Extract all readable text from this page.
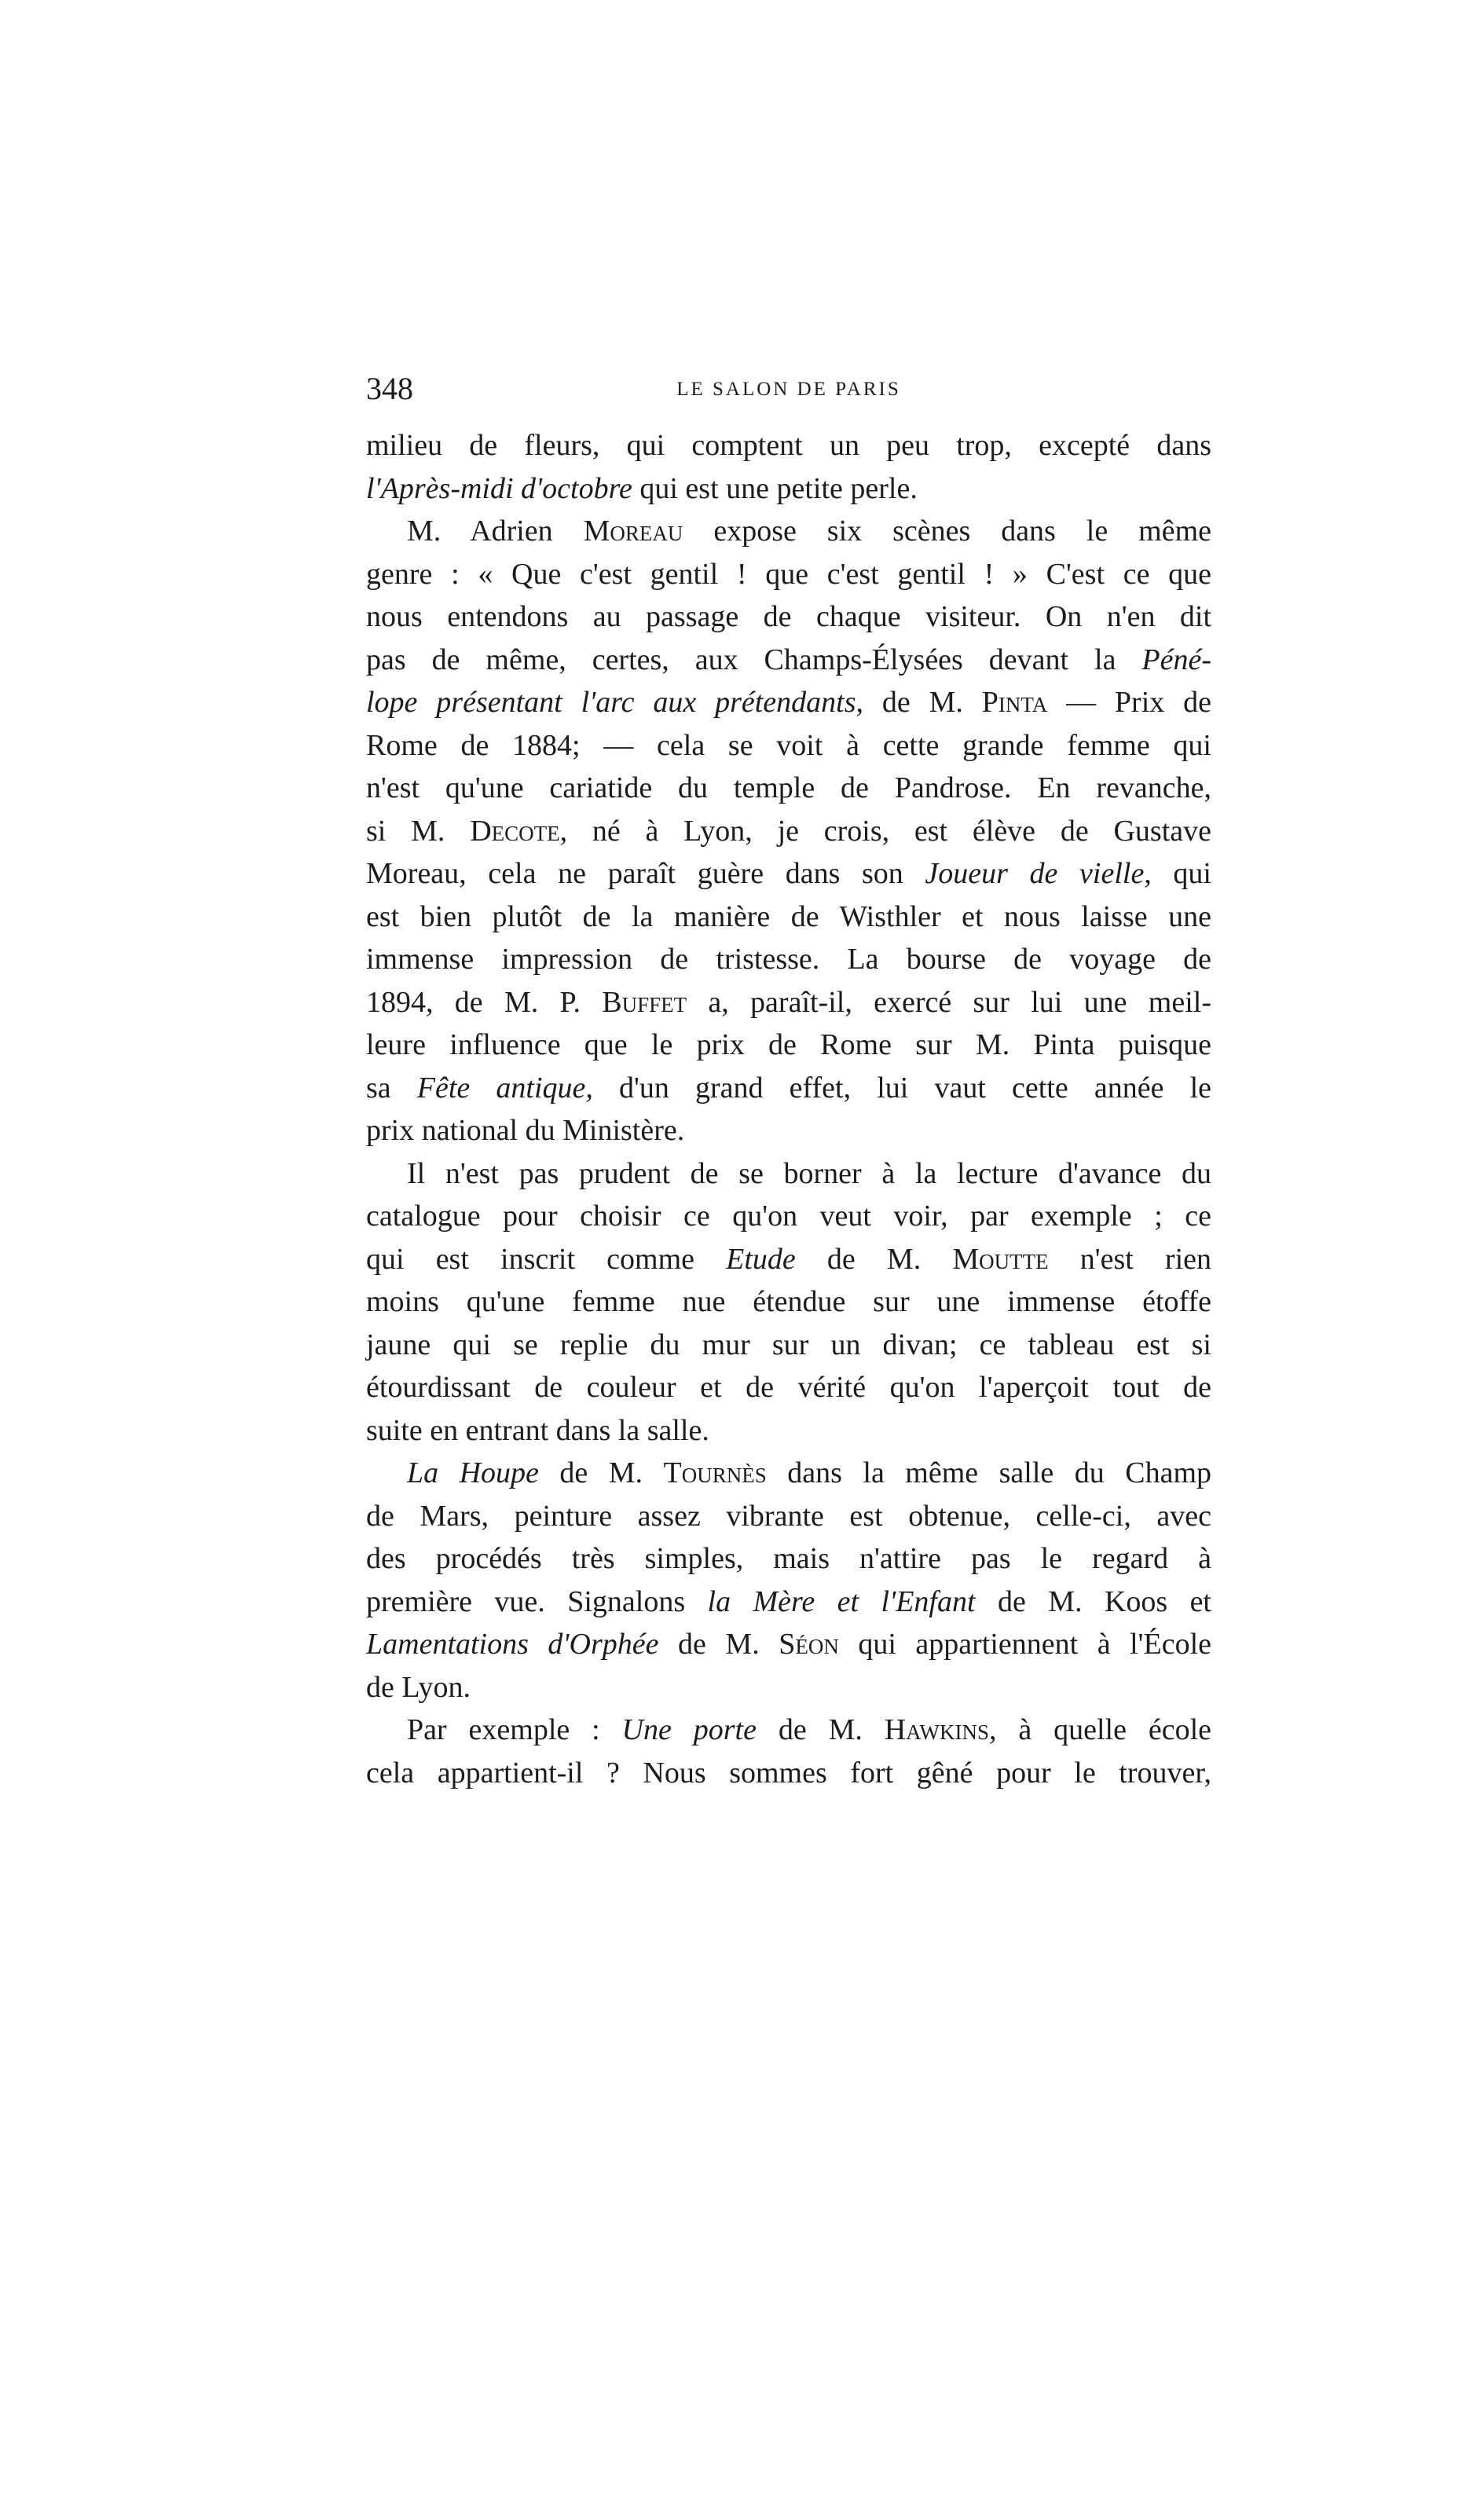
348	LE SALON DE PARIS
milieu de fleurs, qui comptent un peu trop, excepté dans
l'Après-midi d'octobre qui est une petite perle.
M. Adrien Moreau expose six scènes dans le même
genre : « Que c'est gentil ! que c'est gentil ! » C'est ce que
nous entendons au passage de chaque visiteur. On n'en dit
pas de même, certes, aux Champs-Élysées devant la Péné-
lope présentant l'arc aux prétendants, de M. Pinta — Prix de
Rome de 1884; — cela se voit à cette grande femme qui
n'est qu'une cariatide du temple de Pandrose. En revanche,
si M. Decote, né à Lyon, je crois, est élève de Gustave
Moreau, cela ne paraît guère dans son Joueur de vielle, qui
est bien plutôt de la manière de Wisthler et nous laisse une
immense impression de tristesse. La bourse de voyage de
1894, de M. P. Buffet a, paraît-il, exercé sur lui une meil-
leure influence que le prix de Rome sur M. Pinta puisque
sa Fête antique, d'un grand effet, lui vaut cette année le
prix national du Ministère.
Il n'est pas prudent de se borner à la lecture d'avance du
catalogue pour choisir ce qu'on veut voir, par exemple ; ce
qui est inscrit comme Etude de M. Moutte n'est rien
moins qu'une femme nue étendue sur une immense étoffe
jaune qui se replie du mur sur un divan; ce tableau est si
étourdissant de couleur et de vérité qu'on l'aperçoit tout de
suite en entrant dans la salle.
La Houpe de M. Tournès dans la même salle du Champ
de Mars, peinture assez vibrante est obtenue, celle-ci, avec
des procédés très simples, mais n'attire pas le regard à
première vue. Signalons la Mère et l'Enfant de M. Koos et
Lamentations d'Orphée de M. Séon qui appartiennent à l'École
de Lyon.
Par exemple : Une porte de M. Hawkins, à quelle école
cela appartient-il ? Nous sommes fort gêné pour le trouver,
